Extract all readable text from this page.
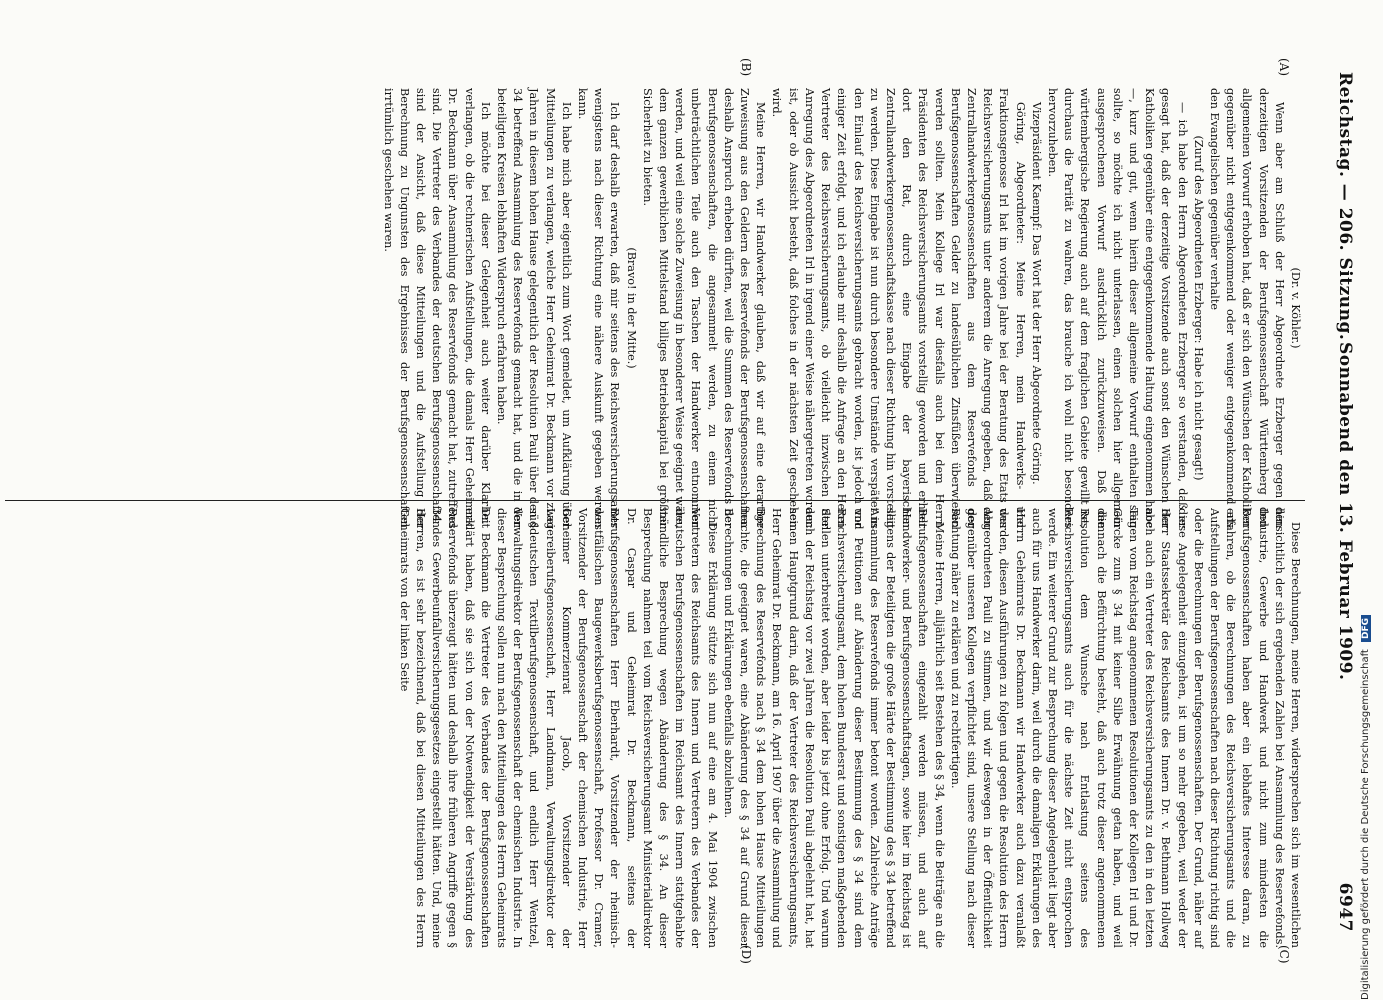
Reichstag. — 206. Sitzung.
Sonnabend den 13. Februar 1909.
6947
(A)
(B)
(C)
(D)

(Dr. v. Köhler.)

Wenn aber am Schluß der Herr Abgeordnete Erzberger gegen den derzeitigen Vorsitzenden der Berufsgenossenschaft Württemberg den allgemeinen Vorwurf erhoben hat, daß er sich den Wünschen der Katholiken gegenüber nicht entgegenkommend oder weniger entgegenkommend als den Evangelischen gegenüber verhalte

(Zuruf des Abgeordneten Erzberger: Habe ich nicht gesagt!)

— ich habe den Herrn Abgeordneten Erzberger so verstanden, daß er gesagt hat, daß der derzeitige Vorsitzende auch sonst den Wünschen der Katholiken gegenüber eine entgegenkommende Haltung eingenommen habe —, kurz und gut, wenn hierin dieser allgemeine Vorwurf enthalten sein sollte, so möchte ich nicht unterlassen, einen solchen hier allgemein ausgesprochenen Vorwurf ausdrücklich zurückzuweisen. Daß die württembergische Regierung auch auf dem fraglichen Gebiete gewillt ist, durchaus die Parität zu wahren, das brauche ich wohl nicht besonders hervorzuheben.

Vizepräsident Kaempf: Das Wort hat der Herr Abgeordnete Göring.

Göring, Abgeordneter: Meine Herren, mein Handwerks- und Fraktionsgenosse Irl hat im vorigen Jahre bei der Beratung des Etats des Reichsversicherungsamts unter anderem die Anregung gegeben, daß den Zentralhandwerkergenossenschaften aus dem Reservefonds der Berufsgenossenschaften Gelder zu landesüblichen Zinsfüßen überwiesen werden sollten. Mein Kollege Irl war diesfalls auch bei dem Herrn Präsidenten des Reichsversicherungsamts vorstellig geworden und erhielt dort den Rat, durch eine Eingabe der bayerischen Zentralhandwerkergenossenschaftskasse nach dieser Richtung hin vorstellig zu werden. Diese Eingabe ist nun durch besondere Umstände verspätet in den Einlauf des Reichsversicherungsamts gebracht worden, ist jedoch vor einiger Zeit erfolgt, und ich erlaube mir deshalb die Anfrage an den Herrn Vertreter des Reichsversicherungsamts, ob vielleicht inzwischen der Anregung des Abgeordneten Irl in irgend einer Weise nähergetreten worden ist, oder ob Aussicht besteht, daß folches in der nächsten Zeit geschehen wird.

Meine Herren, wir Handwerker glauben, daß wir auf eine derartige Zuweisung aus den Geldern des Reservefonds der Berufsgenossenschaften deshalb Anspruch erheben dürften, weil die Summen des Reservefonds der Berufsgenossenschaften, die angesammelt werden, zu einem nicht unbeträchtlichen Teile auch den Taschen der Handwerker entnommen werden, und weil eine solche Zuweisung in besonderer Weise geeignet wäre, dem ganzen gewerblichen Mittelstand billiges Betriebskapital bei größter Sicherheit zu bieten.

(Bravo! in der Mitte.)

Ich darf deshalb erwarten, daß mir seitens des Reichsversicherungsamts wenigstens nach dieser Richtung eine nähere Auskunft gegeben werden kann.

Ich habe mich aber eigentlich zum Wort gemeldet, um Aufklärung über Mitteilungen zu verlangen, welche Herr Geheimrat Dr. Beckmann vor zwei Jahren in diesem hohen Hause gelegentlich der Resolution Pauli über den § 34 betreffend Ansammlung des Reservefonds gemacht hat, und die in den beteiligten Kreisen lebhaften Widerspruch erfahren haben.

Ich möchte bei dieser Gelegenheit auch weiter darüber Klarheit verlangen, ob die rechnerischen Aufstellungen, die damals Herr Geheimrat Dr. Beckmann über Ansammlung des Reservefonds gemacht hat, zutreffend sind. Die Vertreter des Verbandes der deutschen Berufsgenossenschaften sind der Ansicht, daß diese Mitteilungen und die Aufstellung der Berechnung zu Ungunsten des Ergebnisses der Berufsgenossenschaften irrtümlich geschehen waren.

Diese Berechnungen, meine Herren, widersprechen sich im wesentlichen hinsichtlich der sich ergebenden Zahlen bei Ansammlung des Reservefonds. Industrie, Gewerbe und Handwerk und nicht zum mindesten die Berufsgenossenschaften haben aber ein lebhaftes Interesse daran, zu erfahren, ob die Berechnungen des Reichsversicherungsamts und die Aufstellungen der Berufsgenossenschaften nach dieser Richtung richtig sind oder die Berechnungen der Berufsgenossenschaften. Der Grund, näher auf diese Angelegenheit einzugehen, ist um so mehr gegeben, weil weder der Herr Staatssekretär des Reichsamts des Innern Dr. v. Bethmann Hollweg noch auch ein Vertreter des Reichsversicherungsamts zu den in den letzten Tagen vom Reichstag angenommenen Resolutionen der Kollegen Irl und Dr. Görcke zum § 34 mit keiner Silbe Erwähnung getan haben, und weil demnach die Befürchtung besteht, daß auch trotz dieser angenommenen Resolution dem Wunsche nach Entlastung seitens des Reichsversicherungsamts auch für die nächste Zeit nicht entsprochen werde. Ein weiterer Grund zur Besprechung dieser Angelegenheit liegt aber auch für uns Handwerker darin, weil durch die damaligen Erklärungen des Herrn Geheimrats Dr. Beckmann wir Handwerker auch dazu veranlaßt wurden, diesen Ausführungen zu folgen und gegen die Resolution des Herrn Abgeordneten Pauli zu stimmen, und wir deswegen in der Öffentlichkeit gegenüber unseren Kollegen verpflichtet sind, unsere Stellung nach dieser Richtung näher zu erklären und zu rechtfertigen.

Meine Herren, alljährlich seit Bestehen des § 34, wenn die Beiträge an die Berufsgenossenschaften eingezahlt werden müssen, und auch auf Handwerker- und Berufsgenossenschaftstagen, sowie hier im Reichstag ist seitens der Beteiligten die große Härte der Bestimmung des § 34 betreffend Ansammlung des Reservefonds immer betont worden. Zahlreiche Anträge und Petitionen auf Abänderung dieser Bestimmung des § 34 sind dem Reichsversicherungsamt, dem hohen Bundesrat und sonstigen maßgebenden Stellen unterbreitet worden, aber leider bis jetzt ohne Erfolg. Und warum auch der Reichstag vor zwei Jahren die Resolution Pauli abgelehnt hat, hat seinen Hauptgrund darin, daß der Vertreter des Reichsversicherungsamts, Herr Geheimrat Dr. Beckmann, am 16. April 1907 über die Ansammlung und Berechnung des Reservefonds nach § 34 dem hohen Hause Mitteilungen machte, die geeignet waren, eine Abänderung des § 34 auf Grund dieser Berechnungen und Erklärungen ebenfalls abzulehnen.

Diese Erklärung stützte sich nun auf eine am 4. Mai 1904 zwischen Vertretern des Reichsamts des Innern und Vertretern des Verbandes der deutschen Berufsgenossenschaften im Reichsamt des Innern stattgehabte mündliche Besprechung wegen Abänderung des § 34. An dieser Besprechung nahmen teil vom Reichsversicherungsamt Ministerialdirektor Dr. Caspar und Geheimrat Dr. Beckmann, seitens der Berufsgenossenschaften Herr Eberhardt, Vorsitzender der rheinisch-westfälischen Baugewerksberufsgenossenschaft, Professor Dr. Cramer, Vorsitzender der Berufsgenossenschaft der chemischen Industrie, Herr Geheimer Kommerzienrat Jacob, Vorsitzender der Lagereiberufsgenossenschaft, Herr Landmann, Verwaltungsdirektor der süddeutschen Textilberufsgenossenschaft, und endlich Herr Wentzel, Verwaltungsdirektor der Berufsgenossenschaft der chemischen Industrie. In dieser Besprechung sollen nun nach den Mitteilungen des Herrn Geheimrats Dr. Beckmann die Vertreter des Verbandes der Berufsgenossenschaften erklärt haben, daß sie sich von der Notwendigkeit der Verstärkung des Reservefonds überzeugt hätten und deshalb ihre früheren Angriffe gegen § 34 des Gewerbeunfallversicherungsgesetzes eingestellt hätten. Und, meine Herren, es ist sehr bezeichnend, daß bei diesen Mitteilungen des Herrn Geheimrats von der linken Seite

Digitalisierung gefördert durch die Deutsche Forschungsgemeinschaft DFG
